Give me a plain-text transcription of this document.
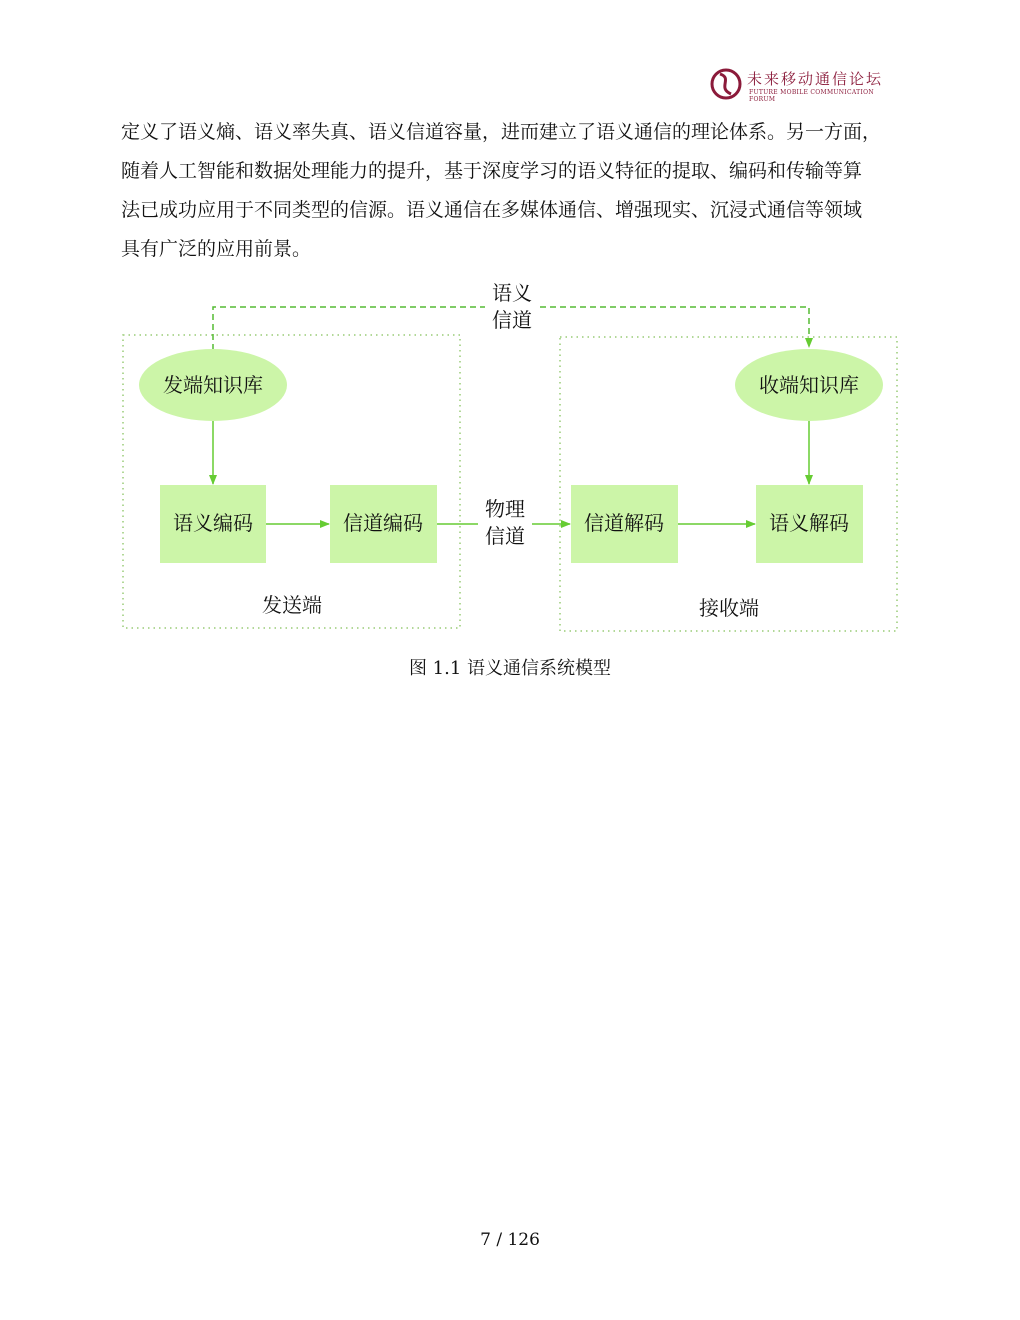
未来移动通信论坛
FUTURE MOBILE COMMUNICATION FORUM
定义了语义熵、语义率失真、语义信道容量，进而建立了语义通信的理论体系。另一方面，
随着人工智能和数据处理能力的提升，基于深度学习的语义特征的提取、编码和传输等算
法已成功应用于不同类型的信源。语义通信在多媒体通信、增强现实、沉浸式通信等领域
具有广泛的应用前景。
发端知识库	收端知识库
语义编码	信道编码	信道解码	语义解码
语义
信道
物理
信道
发送端	接收端
图 1.1 语义通信系统模型
7 / 126
